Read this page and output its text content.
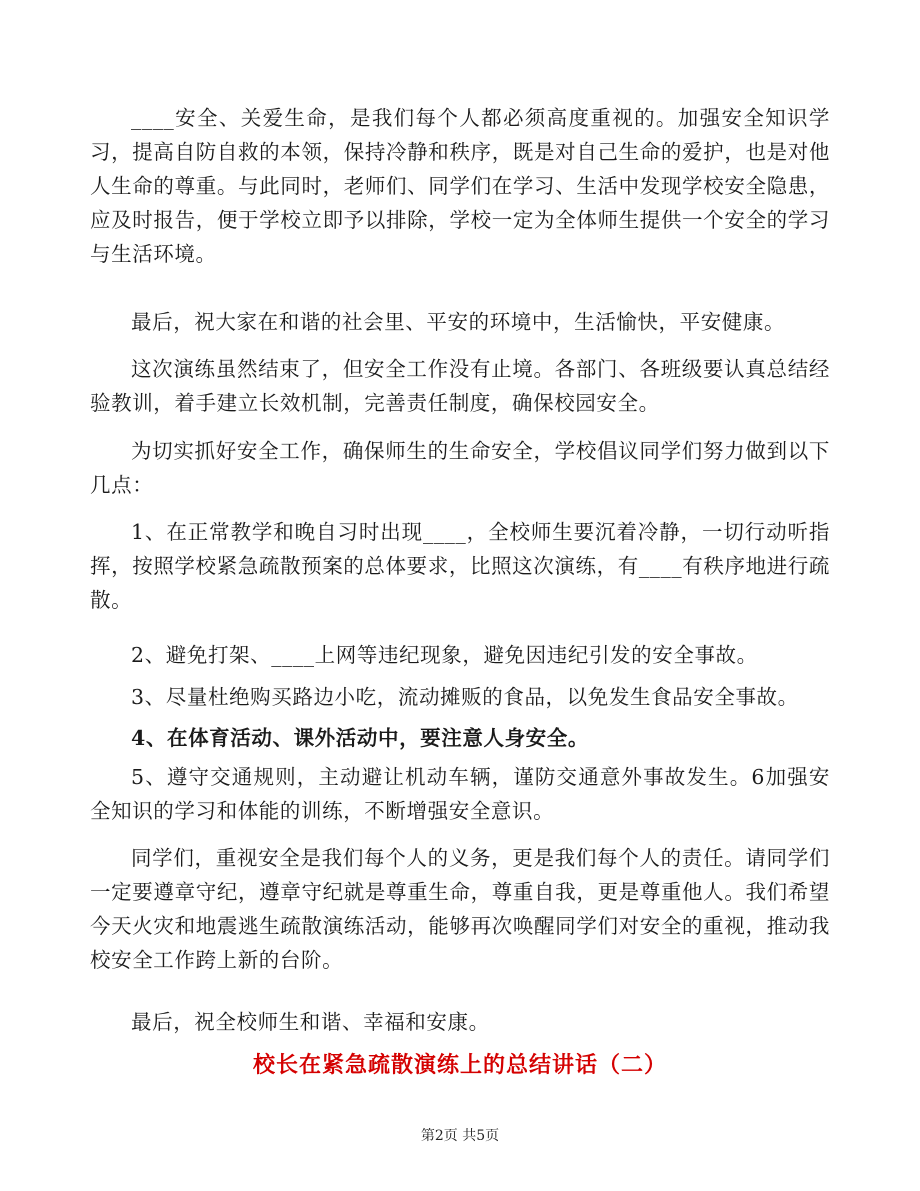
____安全、关爱生命，是我们每个人都必须高度重视的。加强安全知识学习，提高自防自救的本领，保持冷静和秩序，既是对自己生命的爱护，也是对他人生命的尊重。与此同时，老师们、同学们在学习、生活中发现学校安全隐患，应及时报告，便于学校立即予以排除，学校一定为全体师生提供一个安全的学习与生活环境。

最后，祝大家在和谐的社会里、平安的环境中，生活愉快，平安健康。

这次演练虽然结束了，但安全工作没有止境。各部门、各班级要认真总结经验教训，着手建立长效机制，完善责任制度，确保校园安全。

为切实抓好安全工作，确保师生的生命安全，学校倡议同学们努力做到以下几点：

1、在正常教学和晚自习时出现____，全校师生要沉着冷静，一切行动听指挥，按照学校紧急疏散预案的总体要求，比照这次演练，有____有秩序地进行疏散。

2、避免打架、____上网等违纪现象，避免因违纪引发的安全事故。

3、尽量杜绝购买路边小吃，流动摊贩的食品，以免发生食品安全事故。

4、在体育活动、课外活动中，要注意人身安全。

5、遵守交通规则，主动避让机动车辆，谨防交通意外事故发生。6加强安全知识的学习和体能的训练，不断增强安全意识。

同学们，重视安全是我们每个人的义务，更是我们每个人的责任。请同学们一定要遵章守纪，遵章守纪就是尊重生命，尊重自我，更是尊重他人。我们希望今天火灾和地震逃生疏散演练活动，能够再次唤醒同学们对安全的重视，推动我校安全工作跨上新的台阶。

最后，祝全校师生和谐、幸福和安康。

校长在紧急疏散演练上的总结讲话（二）
第2页 共5页
